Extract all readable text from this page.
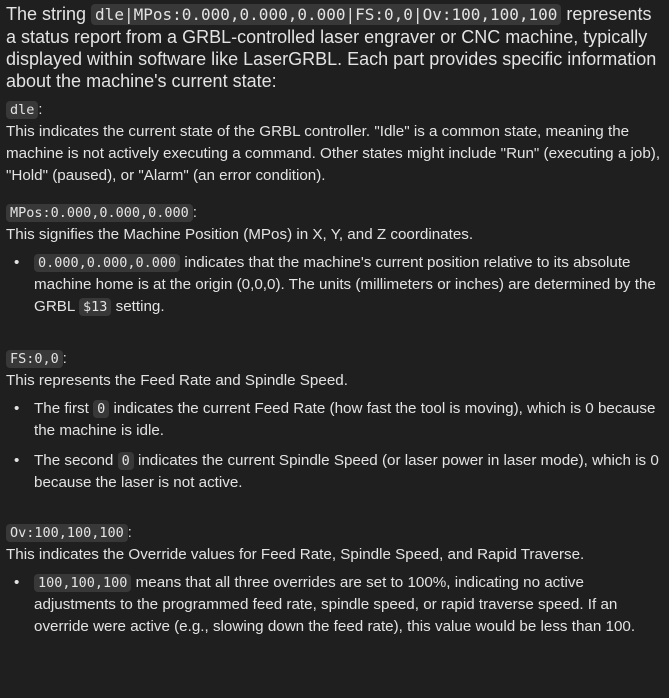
The string dle|MPos:0.000,0.000,0.000|FS:0,0|Ov:100,100,100 represents a status report from a GRBL-controlled laser engraver or CNC machine, typically displayed within software like LaserGRBL. Each part provides specific information about the machine's current state:

dle :

This indicates the current state of the GRBL controller. "Idle" is a common state, meaning the machine is not actively executing a command. Other states might include "Run" (executing a job), "Hold" (paused), or "Alarm" (an error condition).

MPos:0.000,0.000,0.000 :

This signifies the Machine Position (MPos) in X, Y, and Z coordinates.

• 0.000,0.000,0.000 indicates that the machine's current position relative to its absolute machine home is at the origin (0,0,0). The units (millimeters or inches) are determined by the GRBL $13 setting.

FS:0,0 :

This represents the Feed Rate and Spindle Speed.

• The first 0 indicates the current Feed Rate (how fast the tool is moving), which is 0 because the machine is idle.
• The second 0 indicates the current Spindle Speed (or laser power in laser mode), which is 0 because the laser is not active.

Ov:100,100,100 :

This indicates the Override values for Feed Rate, Spindle Speed, and Rapid Traverse.

• 100,100,100 means that all three overrides are set to 100%, indicating no active adjustments to the programmed feed rate, spindle speed, or rapid traverse speed. If an override were active (e.g., slowing down the feed rate), this value would be less than 100.
